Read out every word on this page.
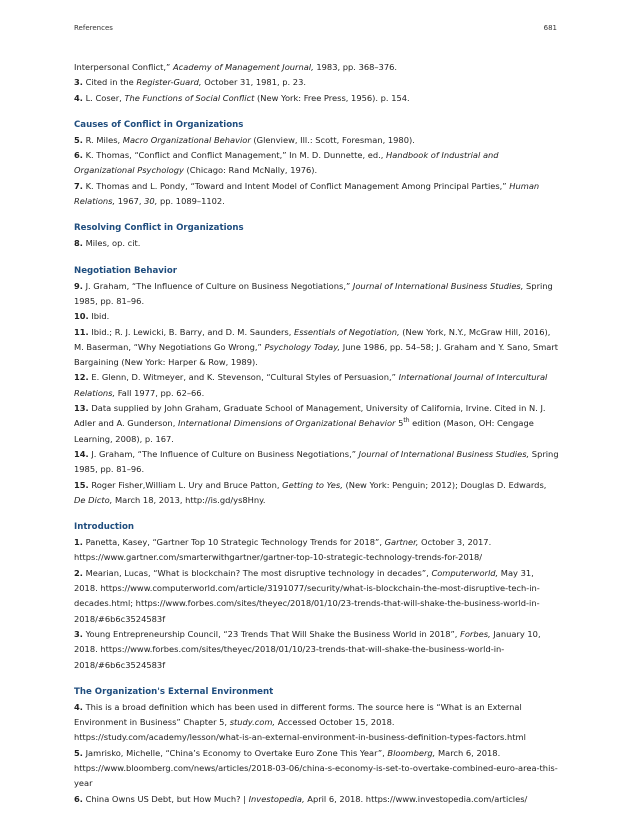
References	681

Interpersonal Conflict,” Academy of Management Journal, 1983, pp. 368–376.

3. Cited in the Register-Guard, October 31, 1981, p. 23.

4. L. Coser, The Functions of Social Conflict (New York: Free Press, 1956). p. 154.

Causes of Conflict in Organizations

5. R. Miles, Macro Organizational Behavior (Glenview, Ill.: Scott, Foresman, 1980).

6. K. Thomas, “Conflict and Conflict Management,” In M. D. Dunnette, ed., Handbook of Industrial and Organizational Psychology (Chicago: Rand McNally, 1976).

7. K. Thomas and L. Pondy, “Toward and Intent Model of Conflict Management Among Principal Parties,” Human Relations, 1967, 30, pp. 1089–1102.

Resolving Conflict in Organizations

8. Miles, op. cit.

Negotiation Behavior

9. J. Graham, “The Influence of Culture on Business Negotiations,” Journal of International Business Studies, Spring 1985, pp. 81–96.

10. Ibid.

11. Ibid.; R. J. Lewicki, B. Barry, and D. M. Saunders, Essentials of Negotiation, (New York, N.Y., McGraw Hill, 2016), M. Baserman, “Why Negotiations Go Wrong,” Psychology Today, June 1986, pp. 54–58; J. Graham and Y. Sano, Smart Bargaining (New York: Harper & Row, 1989).

12. E. Glenn, D. Witmeyer, and K. Stevenson, “Cultural Styles of Persuasion,” International Journal of Intercultural Relations, Fall 1977, pp. 62–66.

13. Data supplied by John Graham, Graduate School of Management, University of California, Irvine. Cited in N. J. Adler and A. Gunderson, International Dimensions of Organizational Behavior 5th edition (Mason, OH: Cengage Learning, 2008), p. 167.

14. J. Graham, “The Influence of Culture on Business Negotiations,” Journal of International Business Studies, Spring 1985, pp. 81–96.

15. Roger Fisher,William L. Ury and Bruce Patton, Getting to Yes, (New York: Penguin; 2012); Douglas D. Edwards, De Dicto, March 18, 2013, http://is.gd/ys8Hny.

Introduction

1. Panetta, Kasey, “Gartner Top 10 Strategic Technology Trends for 2018”, Gartner, October 3, 2017. https://www.gartner.com/smarterwithgartner/gartner-top-10-strategic-technology-trends-for-2018/

2. Mearian, Lucas, “What is blockchain? The most disruptive technology in decades”, Computerworld, May 31, 2018. https://www.computerworld.com/article/3191077/security/what-is-blockchain-the-most-disruptive-tech-in-decades.html; https://www.forbes.com/sites/theyec/2018/01/10/23-trends-that-will-shake-the-business-world-in-2018/#6b6c3524583f

3. Young Entrepreneurship Council, “23 Trends That Will Shake the Business World in 2018”, Forbes, January 10, 2018. https://www.forbes.com/sites/theyec/2018/01/10/23-trends-that-will-shake-the-business-world-in-2018/#6b6c3524583f

The Organization's External Environment

4. This is a broad definition which has been used in different forms. The source here is “What is an External Environment in Business” Chapter 5, study.com, Accessed October 15, 2018. https://study.com/academy/lesson/what-is-an-external-environment-in-business-definition-types-factors.html

5. Jamrisko, Michelle, “China’s Economy to Overtake Euro Zone This Year”, Bloomberg, March 6, 2018. https://www.bloomberg.com/news/articles/2018-03-06/china-s-economy-is-set-to-overtake-combined-euro-area-this-year

6. China Owns US Debt, but How Much? | Investopedia, April 6, 2018. https://www.investopedia.com/articles/
